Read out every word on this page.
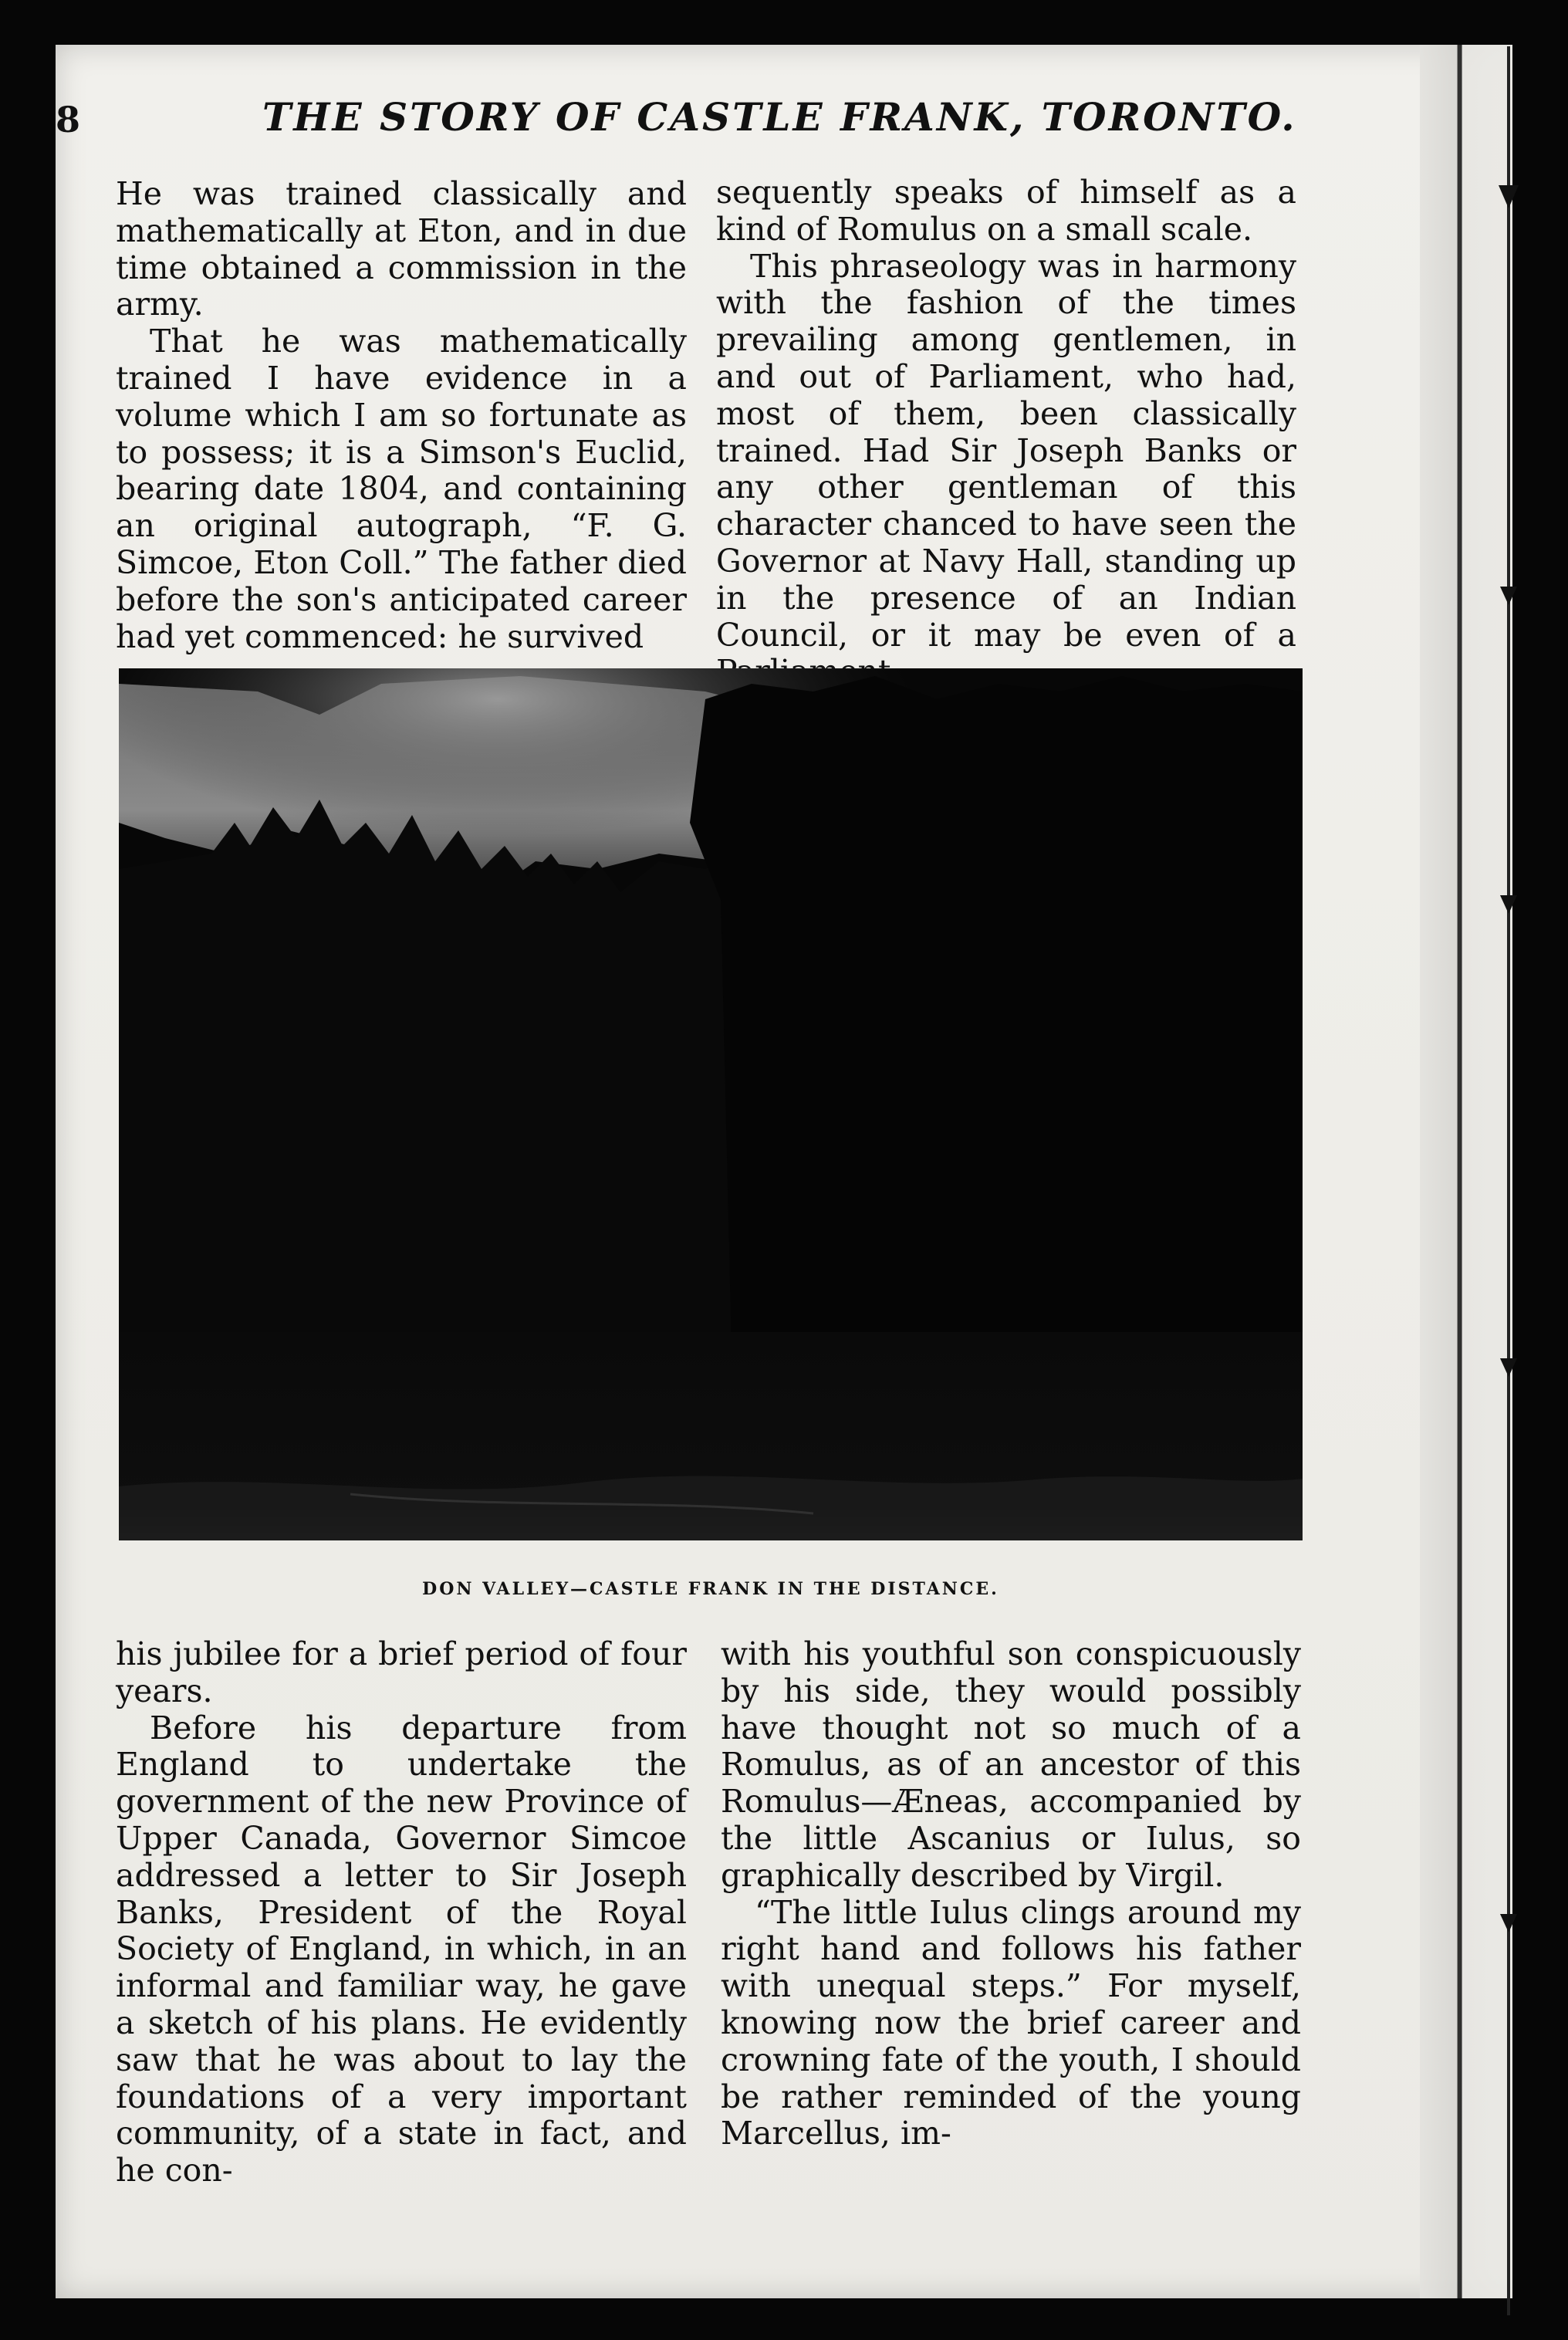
8	THE STORY OF CASTLE FRANK, TORONTO.

He was trained classically and mathematically at Eton, and in due time obtained a commission in the army.

That he was mathematically trained I have evidence in a volume which I am so fortunate as to possess; it is a Simson's Euclid, bearing date 1804, and containing an original autograph, “F. G. Simcoe, Eton Coll.” The father died before the son's anticipated career had yet commenced: he survived

sequently speaks of himself as a kind of Romulus on a small scale.

This phraseology was in harmony with the fashion of the times prevailing among gentlemen, in and out of Parliament, who had, most of them, been classically trained. Had Sir Joseph Banks or any other gentleman of this character chanced to have seen the Governor at Navy Hall, standing up in the presence of an Indian Council, or it may be even of a

DON VALLEY—CASTLE FRANK IN THE DISTANCE.

his jubilee for a brief period of four years.

Before his departure from England to undertake the government of the new Province of Upper Canada, Governor Simcoe addressed a letter to Sir Joseph Banks, President of the Royal Society of England, in which, in an informal and familiar way, he gave a sketch of his plans. He evidently saw that he was about to lay the foundations of a very important community, of a state in fact, and he con-

with his youthful son conspicuously by his side, they would possibly have thought not so much of a Romulus, as of an ancestor of this Romulus—Æneas, accompanied by the little Ascanius or Iulus, so graphically described by Virgil.

“The little Iulus clings around my right hand and follows his father with unequal steps.” For myself, knowing now the brief career and crowning fate of the youth, I should be rather reminded of the young Marcellus, im-
